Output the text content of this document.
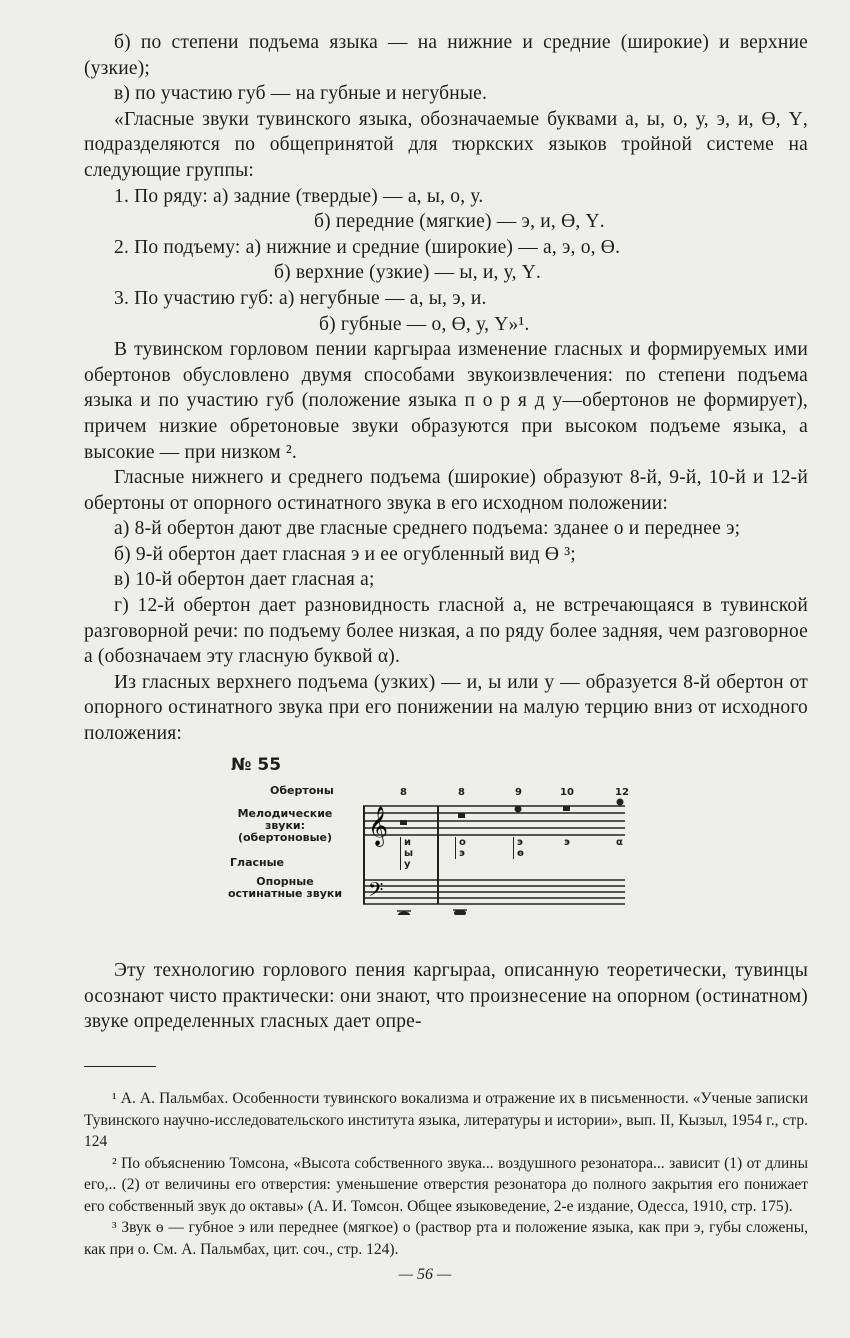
б) по степени подъема языка — на нижние и средние (широкие) и верхние (узкие);

в) по участию губ — на губные и негубные.

«Гласные звуки тувинского языка, обозначаемые буквами а, ы, о, у, э, и, Ө, Ү, подразделяются по общепринятой для тюркских языков тройной системе на следующие группы:

1. По ряду: а) задние (твердые) — а, ы, о, у.

б) передние (мягкие) — э, и, Ө, Ү.

2. По подъему: а) нижние и средние (широкие) — а, э, о, Ө.

б) верхние (узкие) — ы, и, у, Ү.

3. По участию губ: а) негубные — а, ы, э, и.

б) губные — о, Ө, у, Ү»¹.

В тувинском горловом пении каргыраа изменение гласных и формируемых ими обертонов обусловлено двумя способами звукоизвлечения: по степени подъема языка и по участию губ (положение языка п о р я д у—обертонов не формирует), причем низкие обретоновые звуки образуются при высоком подъеме языка, а высокие — при низком ².

Гласные нижнего и среднего подъема (широкие) образуют 8-й, 9-й, 10-й и 12-й обертоны от опорного остинатного звука в его исходном положении:

а) 8-й обертон дают две гласные среднего подъема: зданее о и переднее э;

б) 9-й обертон дает гласная э и ее огубленный вид Ө ³;

в) 10-й обертон дает гласная а;

г) 12-й обертон дает разновидность гласной а, не встречающаяся в тувинской разговорной речи: по подъему более низкая, а по ряду более задняя, чем разговорное а (обозначаем эту гласную буквой α).

Из гласных верхнего подъема (узких) — и, ы или у — образуется 8-й обертон от опорного остинатного звука при его понижении на малую терцию вниз от исходного положения:

№ 55
Обертоны
Мелодические звуки: (обертоновые)
Гласные
Опорные остинатные звуки
𝄞
𝄢
8	8	9	10	12
и
ы
у
о
э
э
ө
э	α

Эту технологию горлового пения каргыраа, описанную теоретически, тувинцы осознают чисто практически: они знают, что произнесение на опорном (остинатном) звуке определенных гласных дает опре-

¹ А. А. Пальмбах. Особенности тувинского вокализма и отражение их в письменности. «Ученые записки Тувинского научно-исследовательского института языка, литературы и истории», вып. II, Кызыл, 1954 г., стр. 124

² По объяснению Томсона, «Высота собственного звука... воздушного резонатора... зависит (1) от длины его,.. (2) от величины его отверстия: уменьшение отверстия резонатора до полного закрытия его понижает его собственный звук до октавы» (А. И. Томсон. Общее языковедение, 2-е издание, Одесса, 1910, стр. 175).

³ Звук ө — губное э или переднее (мягкое) о (раствор рта и положение языка, как при э, губы сложены, как при о. См. А. Пальмбах, цит. соч., стр. 124).

— 56 —
